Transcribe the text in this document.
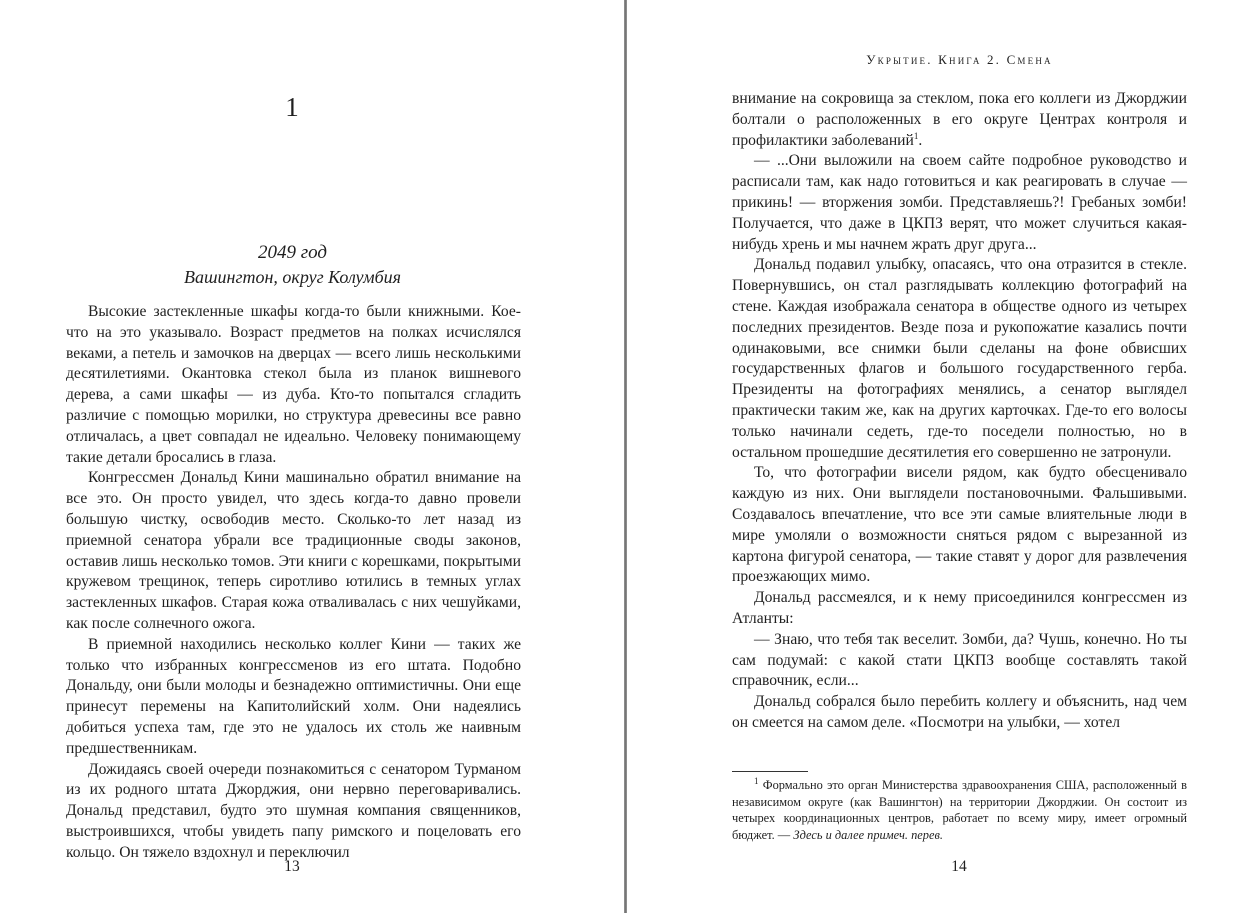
1
2049 год
Вашингтон, округ Колумбия

Высокие застекленные шкафы когда-то были книжными. Кое-что на это указывало. Возраст предметов на полках исчислялся веками, а петель и замочков на дверцах — всего лишь несколькими десятилетиями. Окантовка стекол была из планок вишневого дерева, а сами шкафы — из дуба. Кто-то попытался сгладить различие с помощью морилки, но структура древесины все равно отличалась, а цвет совпадал не идеально. Человеку понимающему такие детали бросались в глаза.

Конгрессмен Дональд Кини машинально обратил внимание на все это. Он просто увидел, что здесь когда-то давно провели большую чистку, освободив место. Сколько-то лет назад из приемной сенатора убрали все традиционные своды законов, оставив лишь несколько томов. Эти книги с корешками, покрытыми кружевом трещинок, теперь сиротливо ютились в темных углах застекленных шкафов. Старая кожа отваливалась с них чешуйками, как после солнечного ожога.

В приемной находились несколько коллег Кини — таких же только что избранных конгрессменов из его штата. Подобно Дональду, они были молоды и безнадежно оптимистичны. Они еще принесут перемены на Капитолийский холм. Они надеялись добиться успеха там, где это не удалось их столь же наивным предшественникам.

Дожидаясь своей очереди познакомиться с сенатором Турманом из их родного штата Джорджия, они нервно переговаривались. Дональд представил, будто это шумная компания священников, выстроившихся, чтобы увидеть папу римского и поцеловать его кольцо. Он тяжело вздохнул и переключил

13
Укрытие. Книга 2. Смена

внимание на сокровища за стеклом, пока его коллеги из Джорджии болтали о расположенных в его округе Центрах контроля и профилактики заболеваний$^1$.

— ...Они выложили на своем сайте подробное руководство и расписали там, как надо готовиться и как реагировать в случае — прикинь! — вторжения зомби. Представляешь?! Гребаных зомби! Получается, что даже в ЦКПЗ верят, что может случиться какая-нибудь хрень и мы начнем жрать друг друга...

Дональд подавил улыбку, опасаясь, что она отразится в стекле. Повернувшись, он стал разглядывать коллекцию фотографий на стене. Каждая изображала сенатора в обществе одного из четырех последних президентов. Везде поза и рукопожатие казались почти одинаковыми, все снимки были сделаны на фоне обвисших государственных флагов и большого государственного герба. Президенты на фотографиях менялись, а сенатор выглядел практически таким же, как на других карточках. Где-то его волосы только начинали седеть, где-то поседели полностью, но в остальном прошедшие десятилетия его совершенно не затронули.

То, что фотографии висели рядом, как будто обесценивало каждую из них. Они выглядели постановочными. Фальшивыми. Создавалось впечатление, что все эти самые влиятельные люди в мире умоляли о возможности сняться рядом с вырезанной из картона фигурой сенатора, — такие ставят у дорог для развлечения проезжающих мимо.

Дональд рассмеялся, и к нему присоединился конгрессмен из Атланты:

— Знаю, что тебя так веселит. Зомби, да? Чушь, конечно. Но ты сам подумай: с какой стати ЦКПЗ вообще составлять такой справочник, если...

Дональд собрался было перебить коллегу и объяснить, над чем он смеется на самом деле. «Посмотри на улыбки, — хотел

$^1$ Формально это орган Министерства здравоохранения США, расположенный в независимом округе (как Вашингтон) на территории Джорджии. Он состоит из четырех координационных центров, работает по всему миру, имеет огромный бюджет. — Здесь и далее примеч. перев.

14
